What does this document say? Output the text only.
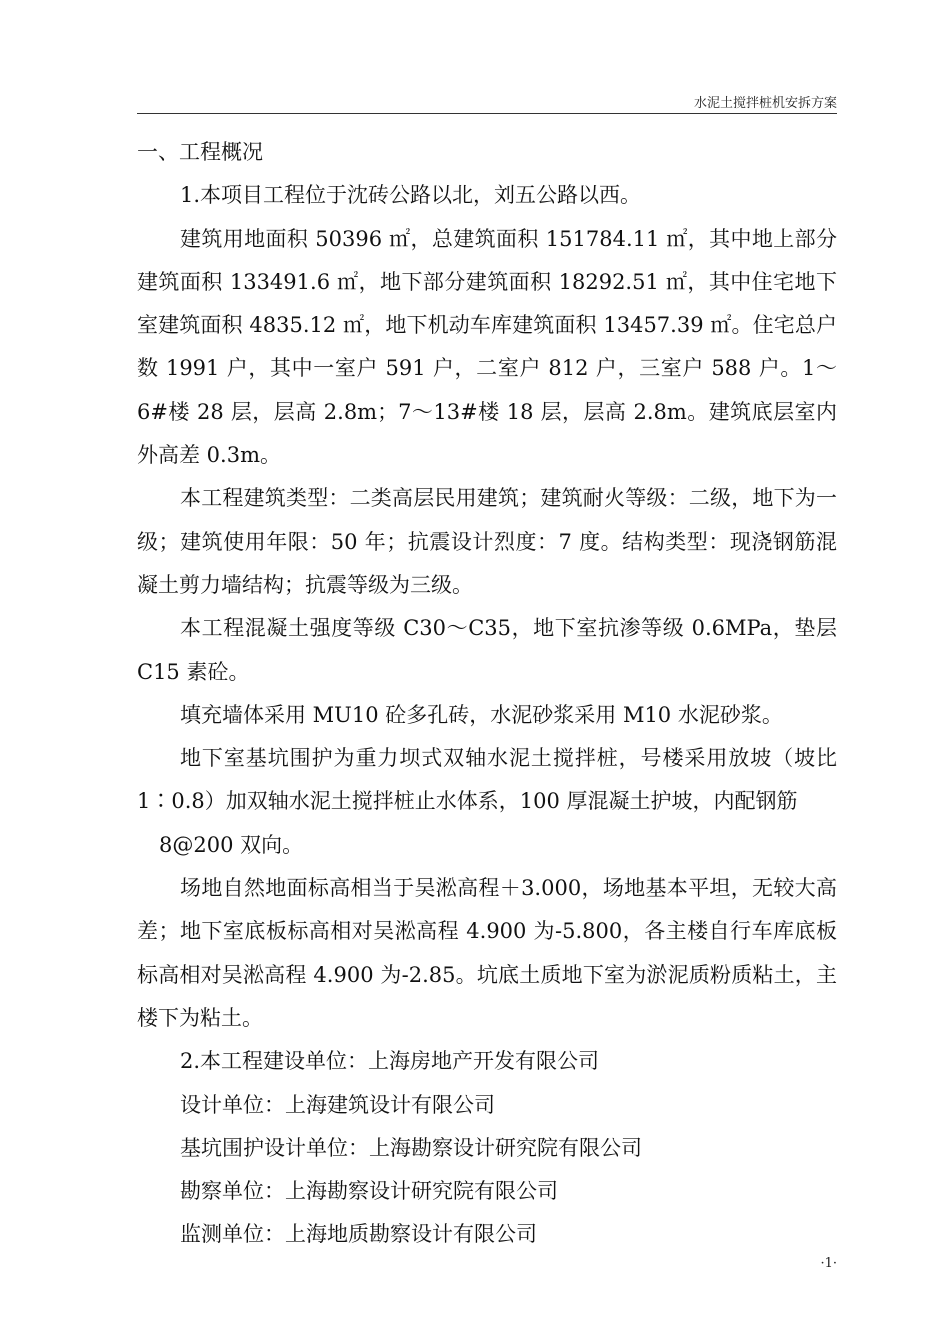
水泥土搅拌桩机安拆方案

一、工程概况

1.本项目工程位于沈砖公路以北，刘五公路以西。

建筑用地面积 50396 ㎡，总建筑面积 151784.11 ㎡，其中地上部分建筑面积 133491.6 ㎡，地下部分建筑面积 18292.51 ㎡，其中住宅地下室建筑面积 4835.12 ㎡，地下机动车库建筑面积 13457.39 ㎡。住宅总户数 1991 户，其中一室户 591 户，二室户 812 户，三室户 588 户。1～6#楼 28 层，层高 2.8m；7～13#楼 18 层，层高 2.8m。建筑底层室内外高差 0.3m。

本工程建筑类型：二类高层民用建筑；建筑耐火等级：二级，地下为一级；建筑使用年限：50 年；抗震设计烈度：7 度。结构类型：现浇钢筋混凝土剪力墙结构；抗震等级为三级。

本工程混凝土强度等级 C30～C35，地下室抗渗等级 0.6MPa，垫层 C15 素砼。

填充墙体采用 MU10 砼多孔砖，水泥砂浆采用 M10 水泥砂浆。

地下室基坑围护为重力坝式双轴水泥土搅拌桩，号楼采用放坡（坡比 1∶0.8）加双轴水泥土搅拌桩止水体系，100 厚混凝土护坡，内配钢筋

8@200 双向。

场地自然地面标高相当于吴淞高程＋3.000，场地基本平坦，无较大高差；地下室底板标高相对吴淞高程 4.900 为-5.800，各主楼自行车库底板标高相对吴淞高程 4.900 为-2.85。坑底土质地下室为淤泥质粉质粘土，主楼下为粘土。

2.本工程建设单位：上海房地产开发有限公司

设计单位：上海建筑设计有限公司

基坑围护设计单位：上海勘察设计研究院有限公司

勘察单位：上海勘察设计研究院有限公司

监测单位：上海地质勘察设计有限公司

·1·
